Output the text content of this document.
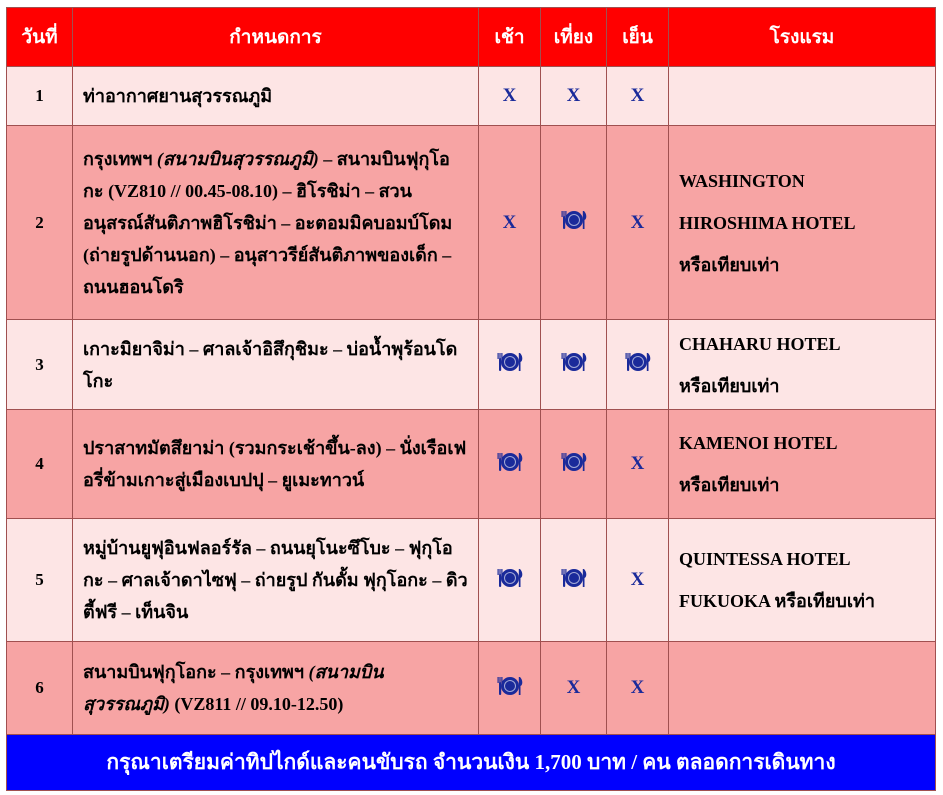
วันที่	กำหนดการ	เช้า	เที่ยง	เย็น	โรงแรม
1	ท่าอากาศยานสุวรรณภูมิ	X	X	X	
2	กรุงเทพฯ (สนามบินสุวรรณภูมิ) – สนามบินฟุกุโอกะ (VZ810 // 00.45-08.10) – ฮิโรชิม่า – สวนอนุสรณ์สันติภาพฮิโรชิม่า – อะตอมมิคบอมบ์โดม (ถ่ายรูปด้านนอก) – อนุสาวรีย์สันติภาพของเด็ก – ถนนฮอนโดริ	X		X	WASHINGTON
HIROSHIMA HOTEL
หรือเทียบเท่า

3	เกาะมิยาจิม่า – ศาลเจ้าอิสึกุชิมะ – บ่อน้ำพุร้อนโดโกะ				CHAHARU HOTEL
หรือเทียบเท่า

4	ปราสาทมัตสึยาม่า (รวมกระเช้าขึ้น-ลง) – นั่งเรือเฟอรี่ข้ามเกาะสู่เมืองเบปปุ – ยูเมะทาวน์			X	KAMENOI HOTEL
หรือเทียบเท่า

5	หมู่บ้านยูฟุอินฟลอร์รัล – ถนนยุโนะซึโบะ – ฟุกุโอกะ – ศาลเจ้าดาไซฟุ – ถ่ายรูป กันดั้ม ฟุกุโอกะ – ดิวตี้ฟรี – เท็นจิน			X	QUINTESSA HOTEL
FUKUOKA หรือเทียบเท่า

6	สนามบินฟุกุโอกะ – กรุงเทพฯ (สนามบินสุวรรณภูมิ) (VZ811 // 09.10-12.50)		X	X	
กรุณาเตรียมค่าทิปไกด์และคนขับรถ จำนวนเงิน 1,700 บาท / คน ตลอดการเดินทาง					
